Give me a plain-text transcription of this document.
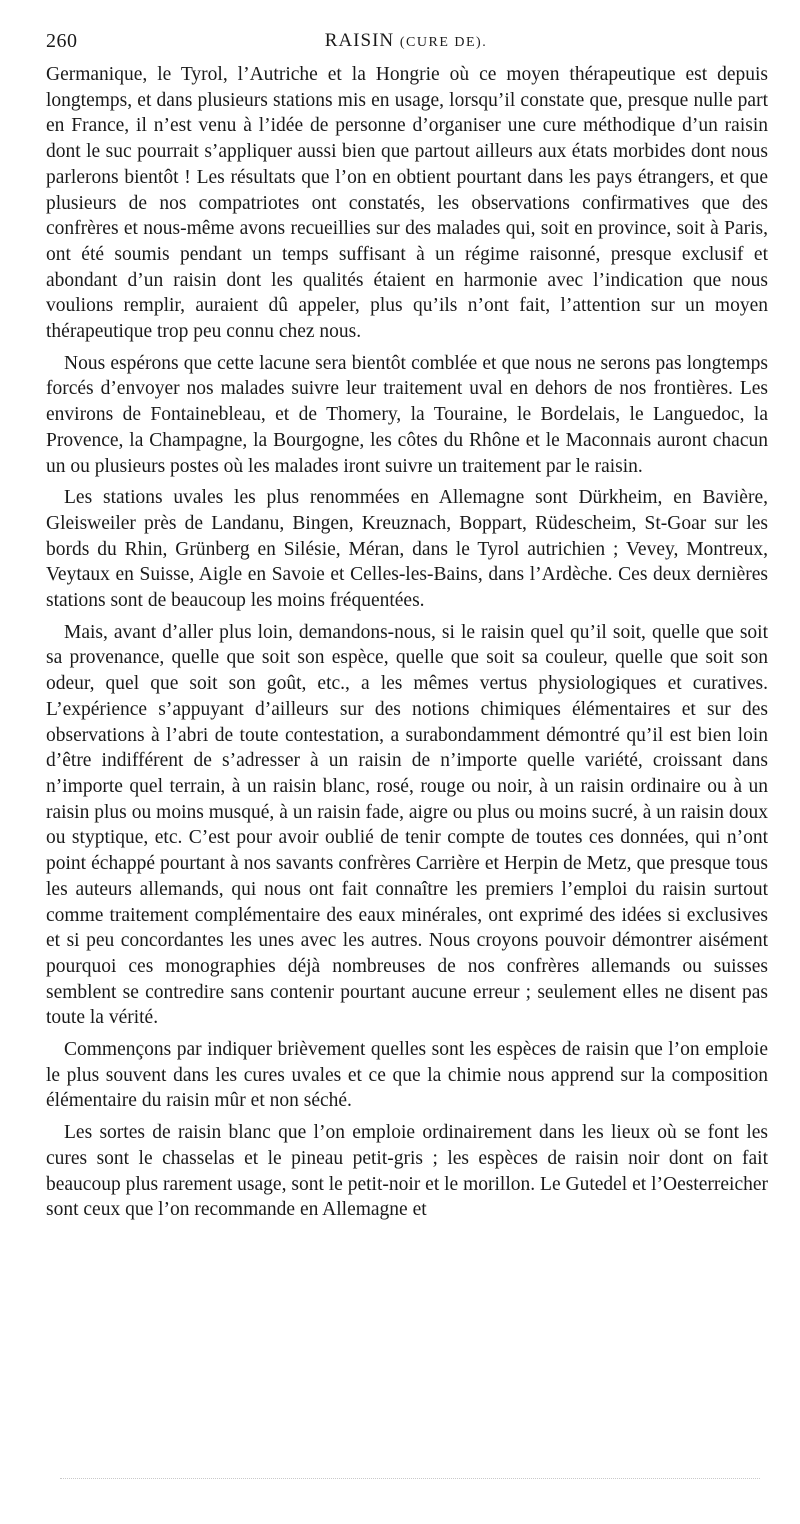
260	RAISIN (CURE DE).

Germanique, le Tyrol, l’Autriche et la Hongrie où ce moyen thérapeutique est depuis longtemps, et dans plusieurs stations mis en usage, lorsqu’il constate que, presque nulle part en France, il n’est venu à l’idée de personne d’organiser une cure méthodique d’un raisin dont le suc pourrait s’appliquer aussi bien que partout ailleurs aux états morbides dont nous parlerons bientôt ! Les résultats que l’on en obtient pourtant dans les pays étrangers, et que plusieurs de nos compatriotes ont constatés, les observations confirmatives que des confrères et nous-même avons recueillies sur des malades qui, soit en province, soit à Paris, ont été soumis pendant un temps suffisant à un régime raisonné, presque exclusif et abondant d’un raisin dont les qualités étaient en harmonie avec l’indication que nous voulions remplir, auraient dû appeler, plus qu’ils n’ont fait, l’attention sur un moyen thérapeutique trop peu connu chez nous.

Nous espérons que cette lacune sera bientôt comblée et que nous ne serons pas longtemps forcés d’envoyer nos malades suivre leur traitement uval en dehors de nos frontières. Les environs de Fontainebleau, et de Thomery, la Touraine, le Bordelais, le Languedoc, la Provence, la Champagne, la Bourgogne, les côtes du Rhône et le Maconnais auront chacun un ou plusieurs postes où les malades iront suivre un traitement par le raisin.

Les stations uvales les plus renommées en Allemagne sont Dürkheim, en Bavière, Gleisweiler près de Landanu, Bingen, Kreuznach, Boppart, Rüdescheim, St-Goar sur les bords du Rhin, Grünberg en Silésie, Méran, dans le Tyrol autrichien ; Vevey, Montreux, Veytaux en Suisse, Aigle en Savoie et Celles-les-Bains, dans l’Ardèche. Ces deux dernières stations sont de beaucoup les moins fréquentées.

Mais, avant d’aller plus loin, demandons-nous, si le raisin quel qu’il soit, quelle que soit sa provenance, quelle que soit son espèce, quelle que soit sa couleur, quelle que soit son odeur, quel que soit son goût, etc., a les mêmes vertus physiologiques et curatives. L’expérience s’appuyant d’ailleurs sur des notions chimiques élémentaires et sur des observations à l’abri de toute contestation, a surabondamment démontré qu’il est bien loin d’être indifférent de s’adresser à un raisin de n’importe quelle variété, croissant dans n’importe quel terrain, à un raisin blanc, rosé, rouge ou noir, à un raisin ordinaire ou à un raisin plus ou moins musqué, à un raisin fade, aigre ou plus ou moins sucré, à un raisin doux ou styptique, etc. C’est pour avoir oublié de tenir compte de toutes ces données, qui n’ont point échappé pourtant à nos savants confrères Carrière et Herpin de Metz, que presque tous les auteurs allemands, qui nous ont fait connaître les premiers l’emploi du raisin surtout comme traitement complémentaire des eaux minérales, ont exprimé des idées si exclusives et si peu concordantes les unes avec les autres. Nous croyons pouvoir démontrer aisément pourquoi ces monographies déjà nombreuses de nos confrères allemands ou suisses semblent se contredire sans contenir pourtant aucune erreur ; seulement elles ne disent pas toute la vérité.

Commençons par indiquer brièvement quelles sont les espèces de raisin que l’on emploie le plus souvent dans les cures uvales et ce que la chimie nous apprend sur la composition élémentaire du raisin mûr et non séché.

Les sortes de raisin blanc que l’on emploie ordinairement dans les lieux où se font les cures sont le chasselas et le pineau petit-gris ; les espèces de raisin noir dont on fait beaucoup plus rarement usage, sont le petit-noir et le morillon. Le Gutedel et l’Oesterreicher sont ceux que l’on recommande en Allemagne et
